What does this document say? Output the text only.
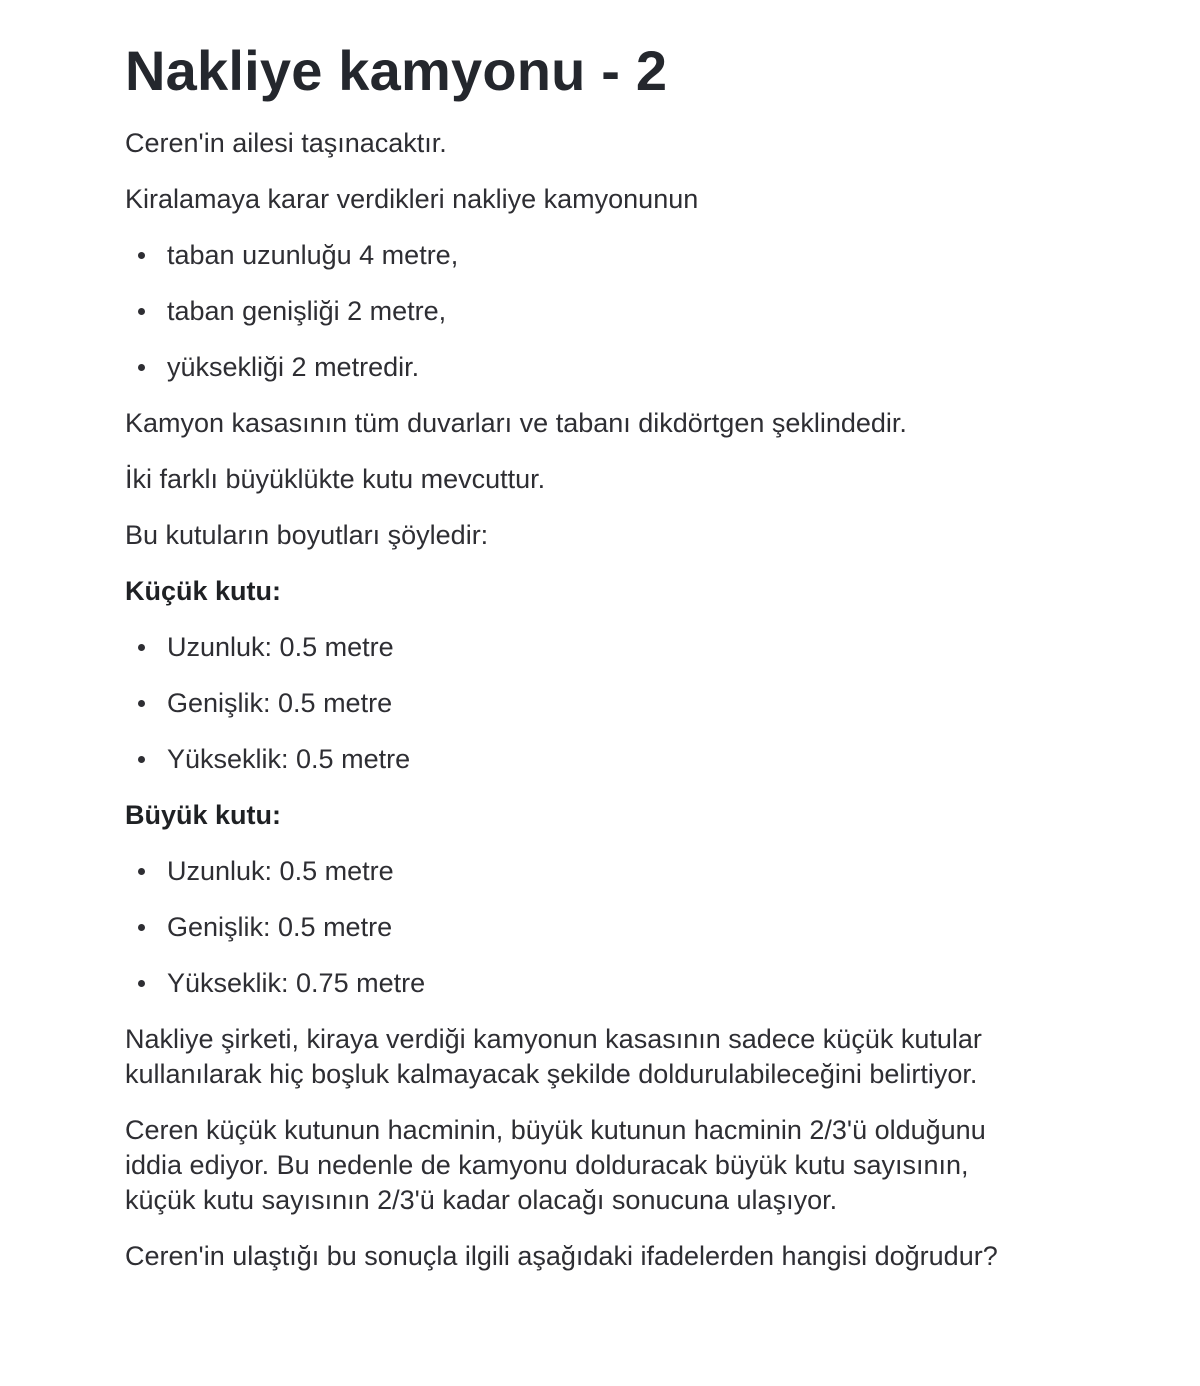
Nakliye kamyonu - 2

Ceren'in ailesi taşınacaktır.

Kiralamaya karar verdikleri nakliye kamyonunun

taban uzunluğu 4 metre,
taban genişliği 2 metre,
yüksekliği 2 metredir.

Kamyon kasasının tüm duvarları ve tabanı dikdörtgen şeklindedir.

İki farklı büyüklükte kutu mevcuttur.

Bu kutuların boyutları şöyledir:

Küçük kutu:

Uzunluk: 0.5 metre
Genişlik: 0.5 metre
Yükseklik: 0.5 metre

Büyük kutu:

Uzunluk: 0.5 metre
Genişlik: 0.5 metre
Yükseklik: 0.75 metre

Nakliye şirketi, kiraya verdiği kamyonun kasasının sadece küçük kutular kullanılarak hiç boşluk kalmayacak şekilde doldurulabileceğini belirtiyor.

Ceren küçük kutunun hacminin, büyük kutunun hacminin 2/3'ü olduğunu iddia ediyor. Bu nedenle de kamyonu dolduracak büyük kutu sayısının, küçük kutu sayısının 2/3'ü kadar olacağı sonucuna ulaşıyor.

Ceren'in ulaştığı bu sonuçla ilgili aşağıdaki ifadelerden hangisi doğrudur?
